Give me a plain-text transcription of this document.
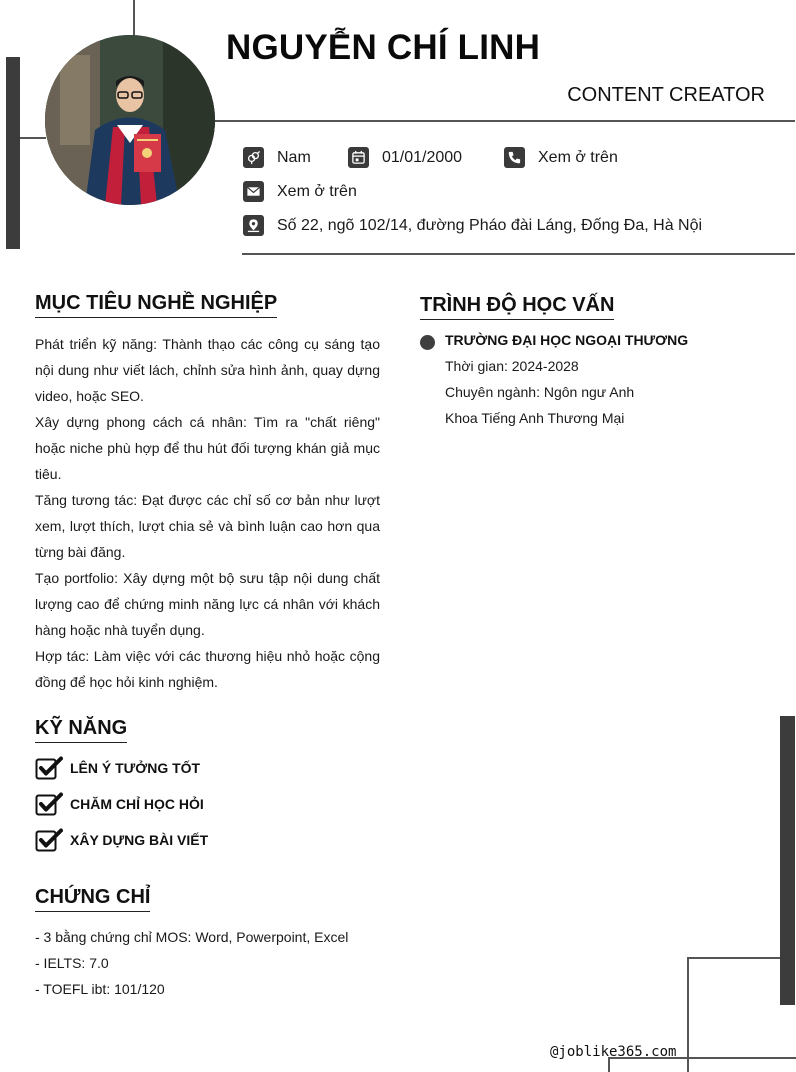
NGUYỄN CHÍ LINH
CONTENT CREATOR
Nam	01/01/2000	Xem ở trên
Xem ở trên
Số 22, ngõ 102/14, đường Pháo đài Láng, Đống Đa, Hà Nội
MỤC TIÊU NGHỀ NGHIỆP

Phát triển kỹ năng: Thành thạo các công cụ sáng tạo nội dung như viết lách, chỉnh sửa hình ảnh, quay dựng video, hoặc SEO.

Xây dựng phong cách cá nhân: Tìm ra "chất riêng" hoặc niche phù hợp để thu hút đối tượng khán giả mục tiêu.

Tăng tương tác: Đạt được các chỉ số cơ bản như lượt xem, lượt thích, lượt chia sẻ và bình luận cao hơn qua từng bài đăng.

Tạo portfolio: Xây dựng một bộ sưu tập nội dung chất lượng cao để chứng minh năng lực cá nhân với khách hàng hoặc nhà tuyển dụng.

Hợp tác: Làm việc với các thương hiệu nhỏ hoặc cộng đồng để học hỏi kinh nghiệm.

TRÌNH ĐỘ HỌC VẤN
TRƯỜNG ĐẠI HỌC NGOẠI THƯƠNG
Thời gian: 2024-2028
Chuyên ngành: Ngôn ngư Anh
Khoa Tiếng Anh Thương Mại
KỸ NĂNG
LÊN Ý TƯỞNG TỐT
CHĂM CHỈ HỌC HỎI
XÂY DỰNG BÀI VIẾT
CHỨNG CHỈ
- 3 bằng chứng chỉ MOS: Word, Powerpoint, Excel
- IELTS: 7.0
- TOEFL ibt: 101/120
@joblike365.com
